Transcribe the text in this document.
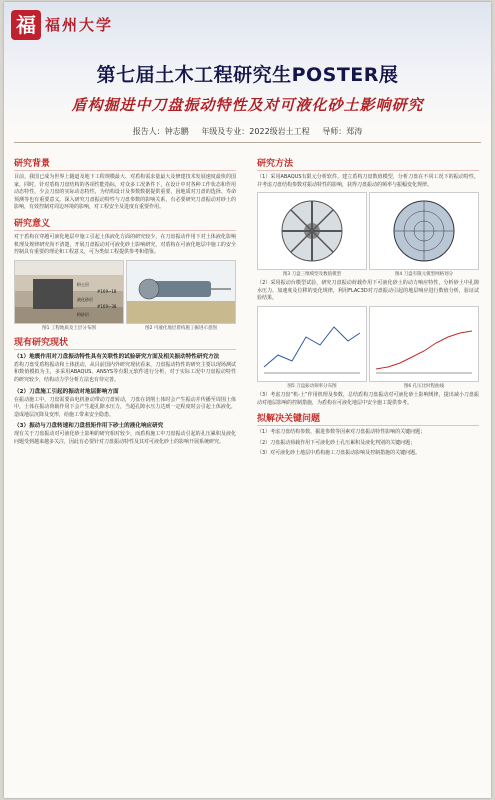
福 福州大学
第七届土木工程研究生POSTER展
盾构掘进中刀盘振动特性及对可液化砂土影响研究
报告人：钟志鹏 年级及专业：2022级岩土工程 导师：郑涛
研究背景

目前，我国已成为世界上隧道及地下工程规模最大、对盾构需求量最大及修建技术发展速度最快的国家。同时，针对盾构刀盘结构的各项性能指标，对众多工况条件下，在设计中对各种工作状态和作用动态特性，少会刀盘的实际动态特性，为结构设计及参数数据提供重要，因地质对刀盘的选择、寿命预测等也有重要意义。深入研究刀盘振动特性与刀盘参数的影响关系，有必要研究刀盘振动对砂土的影响，有效控制对周边环境的影响，对工程安全及进度有重要作用。

研究意义

对于盾构在穿越可液化地层中施工引起土体液化方面的研究较少，在刀盘振动作用下对土体液化影响机理及规律研究尚不清楚，开展刀盘振动对可液化砂土影响研究，对盾构在可液化地层中施工的安全控制具有重要的理论和工程意义，可为类似工程提供参考和借鉴。

粉土层
液化砂层
粉砂层
#169~18
#169~38
图1 工程地质及土层分布图	图2 可液化地层盾构施工掘进示意图
现有研究现状
（1）地震作用对刀盘振动特性具有关联性的试验研究方面及相关振动特性研究方法

盾构刀盘受盾构振动和土体扰动，从目前国内外研究现状看来，刀盘振动特性的研究主要以现场测试和数值模拟为主，多采用ABAQUS、ANSYS等有限元软件进行分析，对于实际工况中刀盘振动特性的研究较少，结构动力学分析方法也有待完善。

（2）刀盘施工引起的振动对地层影响方面

在振动施工中，刀盘需要由电机驱动带动刀盘转动，刀盘在切削土体时会产生振动并传播至周围土体中，土体在振动荷载作用下会产生超孔隙水压力，当超孔隙水压力达到一定程度时会引起土体液化，造成地层沉降及变形，给施工带来安全隐患。

（3）振动与刀盘转速和刀盘扭矩作用下砂土的液化响应研究

现有关于刀盘振动对可液化砂土影响的研究相对较少，而盾构施工中刀盘振动引起的孔压累积及液化问题受到越来越多关注，因此有必要针对刀盘振动特性及其对可液化砂土的影响开展系统研究。

研究方法

（1）采用ABAQUS有限元分析软件，建立盾构刀盘数值模型，分析刀盘在不同工况下的振动特性，并考虑刀盘结构参数对振动特性的影响，获得刀盘振动的频率与振幅变化规律。

图3 刀盘三维模型及数值模型	图4 刀盘有限元模型网格划分

（2）采用振动台模型试验，研究刀盘振动荷载作用下可液化砂土的动力响应特性，分析砂土中孔隙水压力、加速度及位移的变化规律，利用FLAC3D对刀盘振动引起的地层响应进行数值分析，验证试验结果。

图5 刀盘振动频率分布图	图6 孔压比时程曲线

（3）考虑刀盘“机-土”作用机理及参数，总结盾构刀盘振动对可液化砂土影响规律，提出减小刀盘振动对地层影响的控制措施，为盾构在可液化地层中安全施工提供参考。

拟解决关键问题

（1）考虑刀盘结构参数、掘进参数等因素对刀盘振动特性影响的关键问题；

（2）刀盘振动荷载作用下可液化砂土孔压累积及液化判别的关键问题；

（3）对可液化砂土地层中盾构施工刀盘振动影响及控制措施的关键问题。
